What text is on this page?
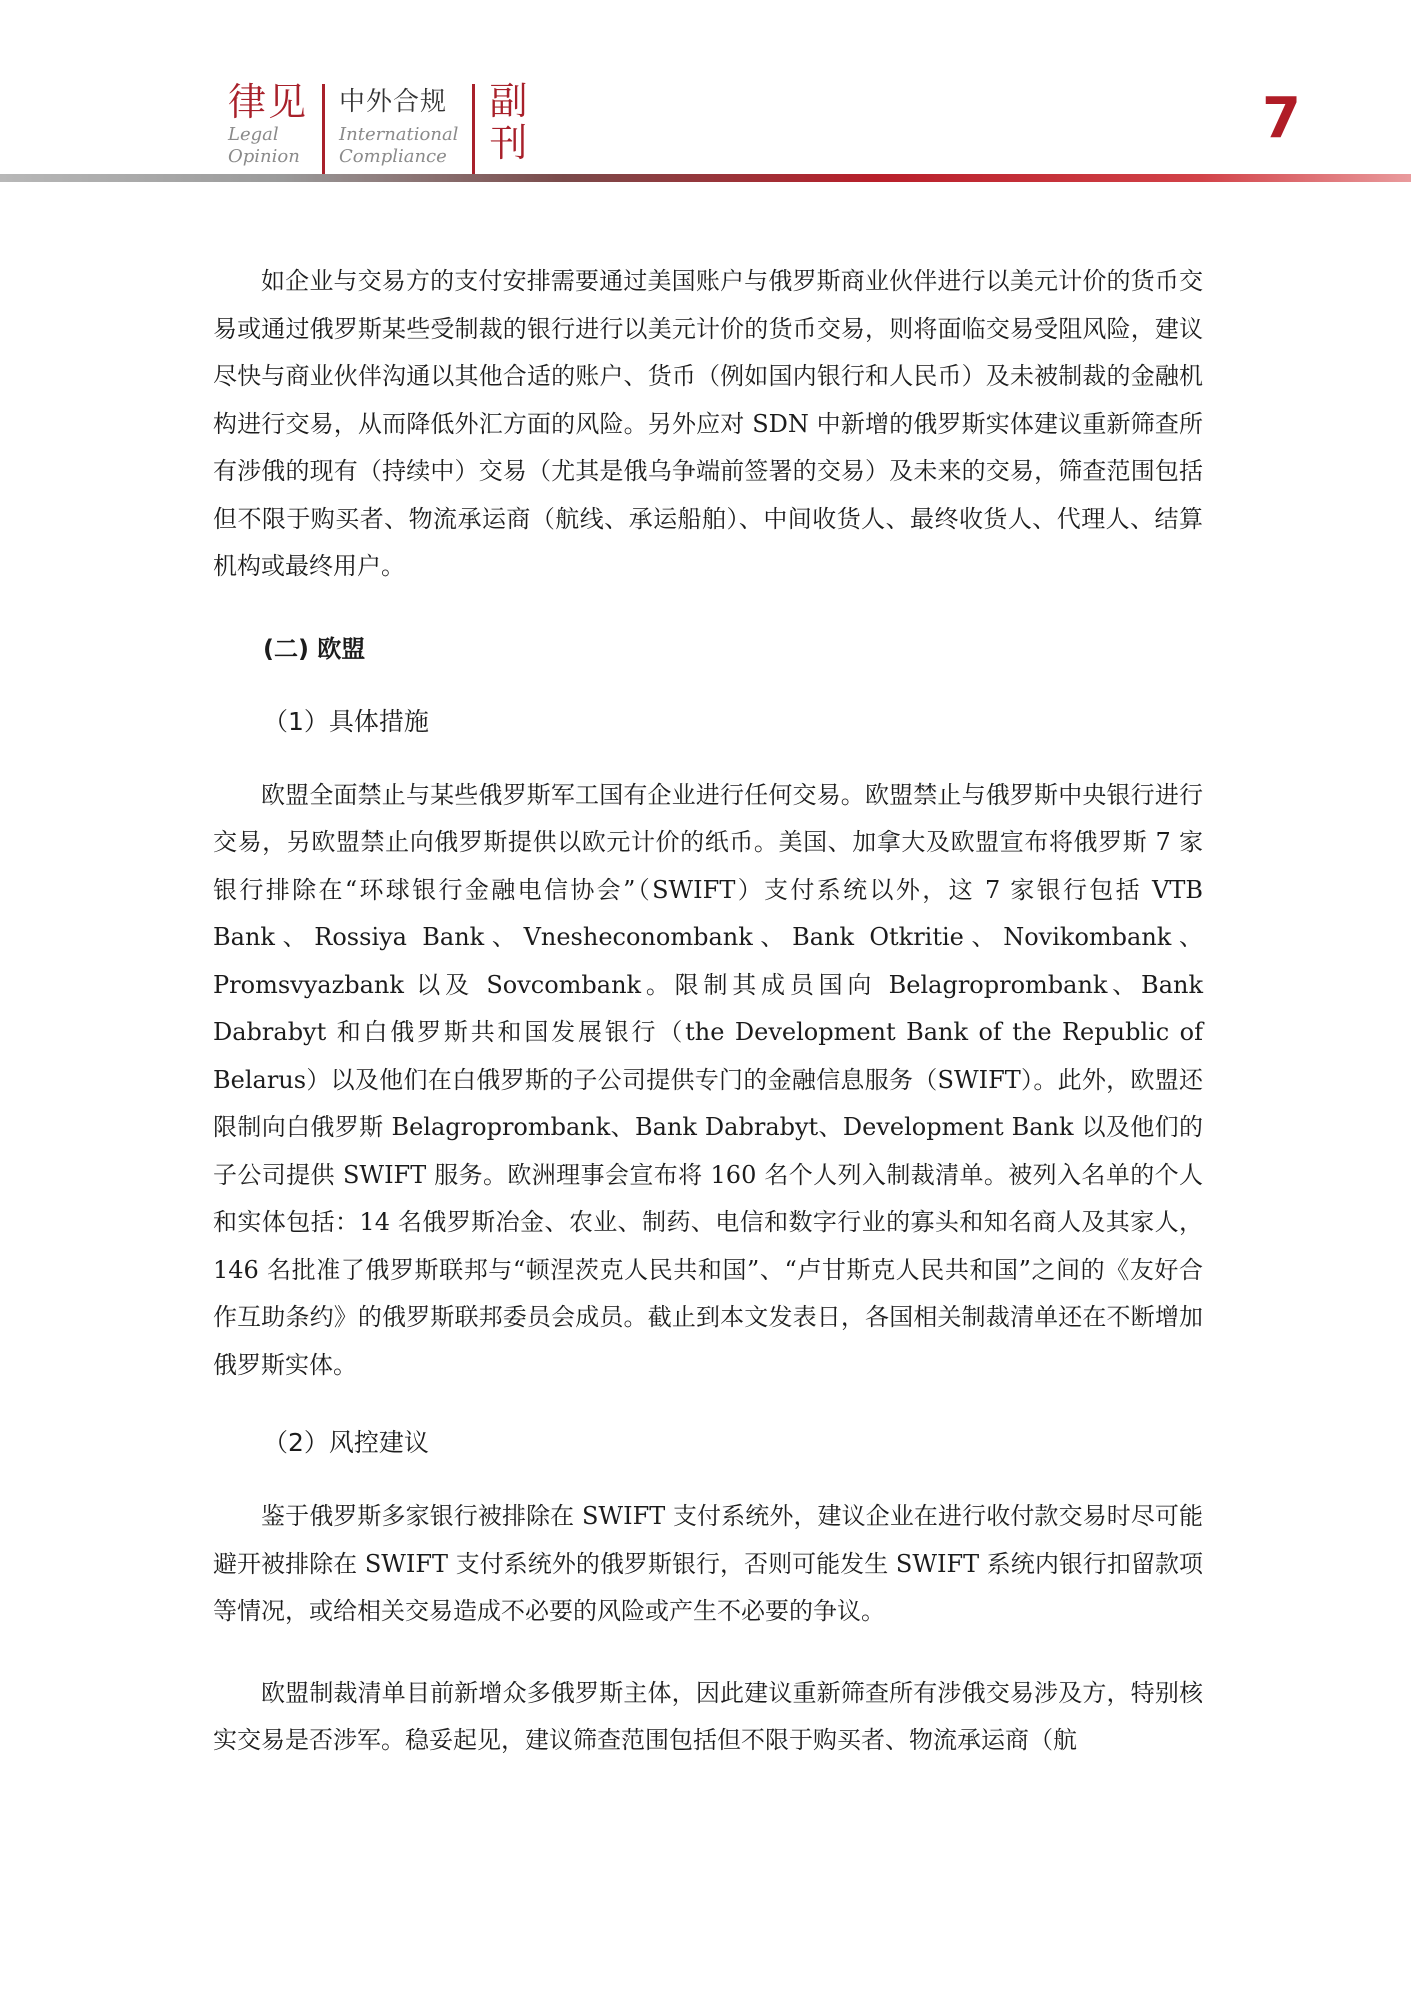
律见
Legal
Opinion
中外合规
International
Compliance
副
刊	7

如企业与交易方的支付安排需要通过美国账户与俄罗斯商业伙伴进行以美元计价的货币交易或通过俄罗斯某些受制裁的银行进行以美元计价的货币交易，则将面临交易受阻风险，建议尽快与商业伙伴沟通以其他合适的账户、货币（例如国内银行和人民币）及未被制裁的金融机构进行交易，从而降低外汇方面的风险。另外应对 SDN 中新增的俄罗斯实体建议重新筛查所有涉俄的现有（持续中）交易（尤其是俄乌争端前签署的交易）及未来的交易，筛查范围包括但不限于购买者、物流承运商（航线、承运船舶）、中间收货人、最终收货人、代理人、结算机构或最终用户。

(二) 欧盟

（1）具体措施

欧盟全面禁止与某些俄罗斯军工国有企业进行任何交易。欧盟禁止与俄罗斯中央银行进行交易，另欧盟禁止向俄罗斯提供以欧元计价的纸币。美国、加拿大及欧盟宣布将俄罗斯 7 家银行排除在“环球银行金融电信协会”（SWIFT）支付系统以外，这 7 家银行包括 VTB Bank、Rossiya Bank、Vnesheconombank、Bank Otkritie、Novikombank、Promsvyazbank 以及 Sovcombank。限制其成员国向 Belagroprombank、Bank Dabrabyt 和白俄罗斯共和国发展银行（the Development Bank of the Republic of Belarus）以及他们在白俄罗斯的子公司提供专门的金融信息服务（SWIFT）。此外，欧盟还限制向白俄罗斯 Belagroprombank、Bank Dabrabyt、Development Bank 以及他们的子公司提供 SWIFT 服务。欧洲理事会宣布将 160 名个人列入制裁清单。被列入名单的个人和实体包括：14 名俄罗斯冶金、农业、制药、电信和数字行业的寡头和知名商人及其家人，146 名批准了俄罗斯联邦与“顿涅茨克人民共和国”、“卢甘斯克人民共和国”之间的《友好合作互助条约》的俄罗斯联邦委员会成员。截止到本文发表日，各国相关制裁清单还在不断增加俄罗斯实体。

（2）风控建议

鉴于俄罗斯多家银行被排除在 SWIFT 支付系统外，建议企业在进行收付款交易时尽可能避开被排除在 SWIFT 支付系统外的俄罗斯银行，否则可能发生 SWIFT 系统内银行扣留款项等情况，或给相关交易造成不必要的风险或产生不必要的争议。

欧盟制裁清单目前新增众多俄罗斯主体，因此建议重新筛查所有涉俄交易涉及方，特别核实交易是否涉军。稳妥起见，建议筛查范围包括但不限于购买者、物流承运商（航
